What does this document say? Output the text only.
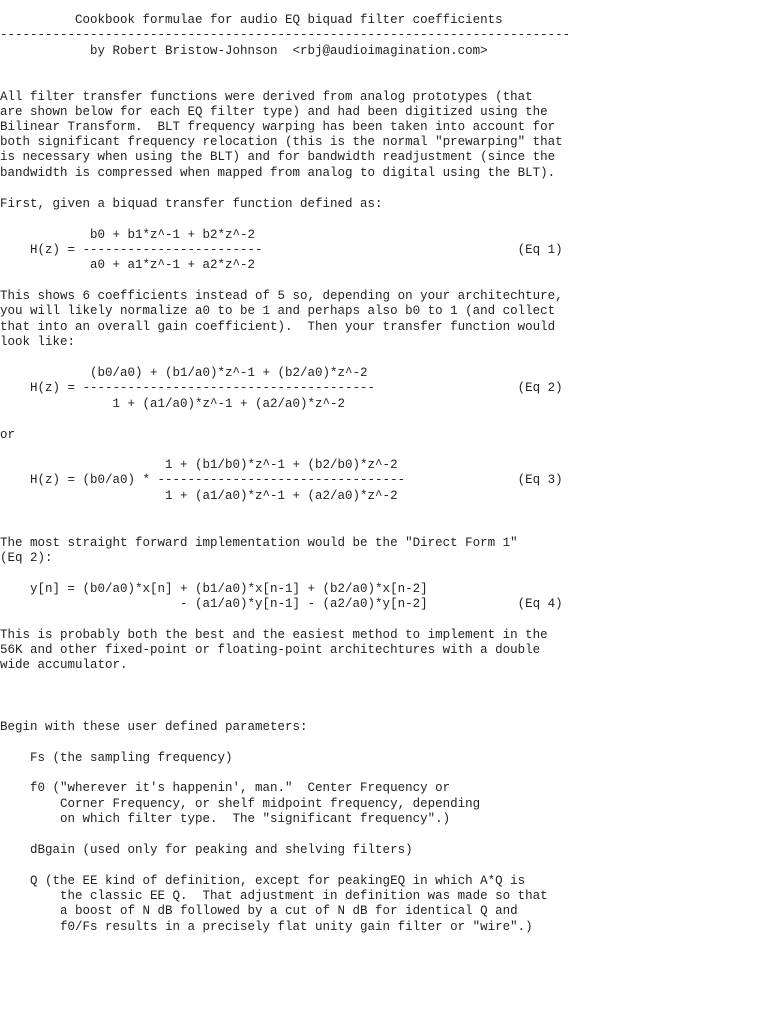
Cookbook formulae for audio EQ biquad filter coefficients
----------------------------------------------------------------------------
by Robert Bristow-Johnson  <rbj@audioimagination.com>
All filter transfer functions were derived from analog prototypes (that
are shown below for each EQ filter type) and had been digitized using the
Bilinear Transform.  BLT frequency warping has been taken into account for
both significant frequency relocation (this is the normal "prewarping" that
is necessary when using the BLT) and for bandwidth readjustment (since the
bandwidth is compressed when mapped from analog to digital using the BLT).
First, given a biquad transfer function defined as:
b0 + b1*z^-1 + b2*z^-2
H(z) = ------------------------                                  (Eq 1)
a0 + a1*z^-1 + a2*z^-2
This shows 6 coefficients instead of 5 so, depending on your architechture,
you will likely normalize a0 to be 1 and perhaps also b0 to 1 (and collect
that into an overall gain coefficient).  Then your transfer function would
look like:
(b0/a0) + (b1/a0)*z^-1 + (b2/a0)*z^-2
H(z) = ---------------------------------------                   (Eq 2)
1 + (a1/a0)*z^-1 + (a2/a0)*z^-2
or
1 + (b1/b0)*z^-1 + (b2/b0)*z^-2
H(z) = (b0/a0) * ---------------------------------               (Eq 3)
1 + (a1/a0)*z^-1 + (a2/a0)*z^-2
The most straight forward implementation would be the "Direct Form 1"
(Eq 2):
y[n] = (b0/a0)*x[n] + (b1/a0)*x[n-1] + (b2/a0)*x[n-2]
- (a1/a0)*y[n-1] - (a2/a0)*y[n-2]            (Eq 4)
This is probably both the best and the easiest method to implement in the
56K and other fixed-point or floating-point architechtures with a double
wide accumulator.
Begin with these user defined parameters:
Fs (the sampling frequency)
f0 ("wherever it's happenin', man."  Center Frequency or
Corner Frequency, or shelf midpoint frequency, depending
on which filter type.  The "significant frequency".)
dBgain (used only for peaking and shelving filters)
Q (the EE kind of definition, except for peakingEQ in which A*Q is
the classic EE Q.  That adjustment in definition was made so that
a boost of N dB followed by a cut of N dB for identical Q and
f0/Fs results in a precisely flat unity gain filter or "wire".)
